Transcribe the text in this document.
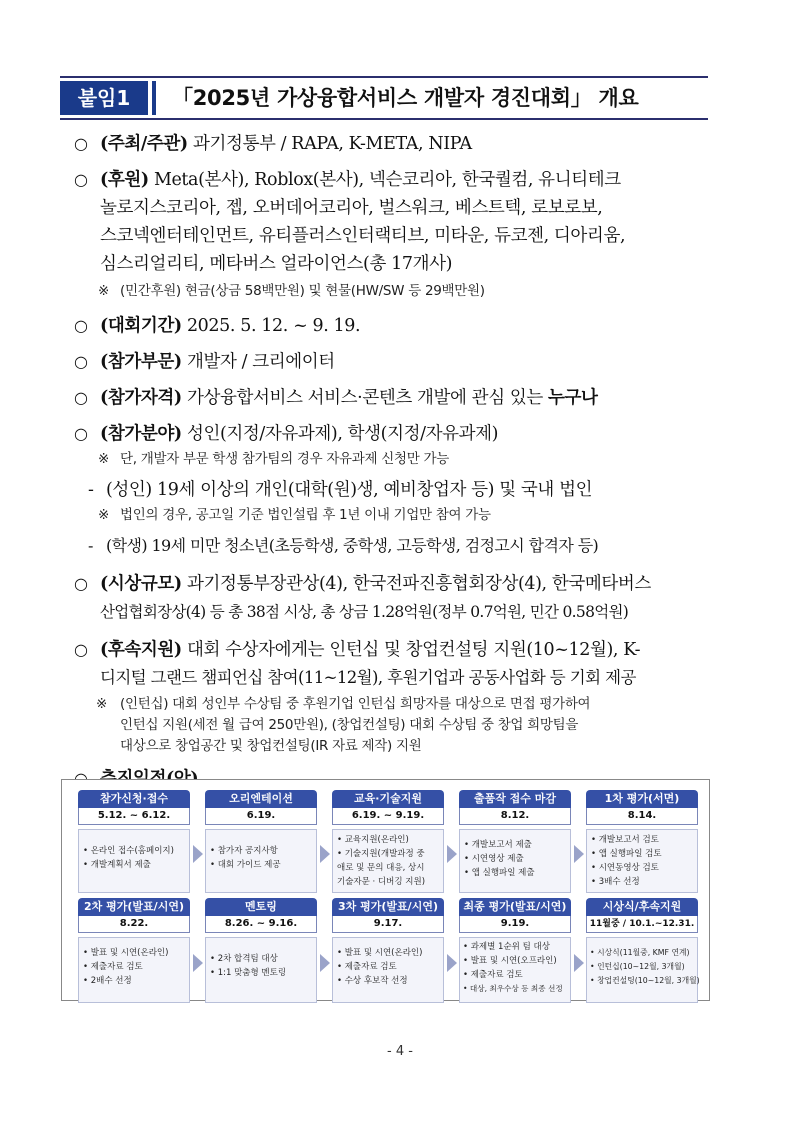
붙임1	「2025년 가상융합서비스 개발자 경진대회」 개요
○ (주최/주관) 과기정통부 / RAPA, K-META, NIPA
○ (후원) Meta(본사), Roblox(본사), 넥슨코리아, 한국퀄컴, 유니티테크
놀로지스코리아, 젭, 오버데어코리아, 벌스워크, 베스트텍, 로보로보,
스코넥엔터테인먼트, 유티플러스인터랙티브, 미타운, 듀코젠, 디아리움,
심스리얼리티, 메타버스 얼라이언스(총 17개사)
※ (민간후원) 현금(상금 58백만원) 및 현물(HW/SW 등 29백만원)
○ (대회기간) 2025. 5. 12. ~ 9. 19.
○ (참가부문) 개발자 / 크리에이터
○ (참가자격) 가상융합서비스 서비스·콘텐츠 개발에 관심 있는 누구나
○ (참가분야) 성인(지정/자유과제), 학생(지정/자유과제)
※ 단, 개발자 부문 학생 참가팀의 경우 자유과제 신청만 가능
- (성인) 19세 이상의 개인(대학(원)생, 예비창업자 등) 및 국내 법인
※ 법인의 경우, 공고일 기준 법인설립 후 1년 이내 기업만 참여 가능
- (학생) 19세 미만 청소년(초등학생, 중학생, 고등학생, 검정고시 합격자 등)
○ (시상규모) 과기정통부장관상(4), 한국전파진흥협회장상(4), 한국메타버스
산업협회장상(4) 등 총 38점 시상, 총 상금 1.28억원(정부 0.7억원, 민간 0.58억원)
○ (후속지원) 대회 수상자에게는 인턴십 및 창업컨설팅 지원(10~12월), K-
디지털 그랜드 챔피언십 참여(11~12월), 후원기업과 공동사업화 등 기회 제공
※ (인턴십) 대회 성인부 수상팀 중 후원기업 인턴십 희망자를 대상으로 면접 평가하여
인턴십 지원(세전 월 급여 250만원), (창업컨설팅) 대회 수상팀 중 창업 희망팀을
대상으로 창업공간 및 창업컨설팅(IR 자료 제작) 지원
참가신청·접수
5.12. ~ 6.12.
• 온라인 접수(홈페이지)
• 개발계획서 제출
오리엔테이션
6.19.
• 참가자 공지사항
• 대회 가이드 제공
교육·기술지원
6.19. ~ 9.19.
• 교육지원(온라인)
• 기술지원(개발과정 중
애로 및 문의 대응, 상시
기술자문 · 디버깅 지원)
출품작 접수 마감
8.12.
• 개발보고서 제출
• 시연영상 제출
• 앱 실행파일 제출
1차 평가(서면)
8.14.
• 개발보고서 검토
• 앱 실행파일 검토
• 시연동영상 검토
• 3배수 선정
2차 평가(발표/시연)
8.22.
• 발표 및 시연(온라인)
• 제출자료 검토
• 2배수 선정
멘토링
8.26. ~ 9.16.
• 2차 합격팀 대상
• 1:1 맞춤형 멘토링
3차 평가(발표/시연)
9.17.
• 발표 및 시연(온라인)
• 제출자료 검토
• 수상 후보작 선정
최종 평가(발표/시연)
9.19.
• 과제별 1순위 팀 대상
• 발표 및 시연(오프라인)
• 제출자료 검토
• 대상, 최우수상 등 최종 선정
시상식/후속지원
11월중 / 10.1.~12.31.
• 시상식(11월중, KMF 연계)
• 인턴십(10~12월, 3개월)
• 창업컨설팅(10~12월, 3개월)
- 4 -
